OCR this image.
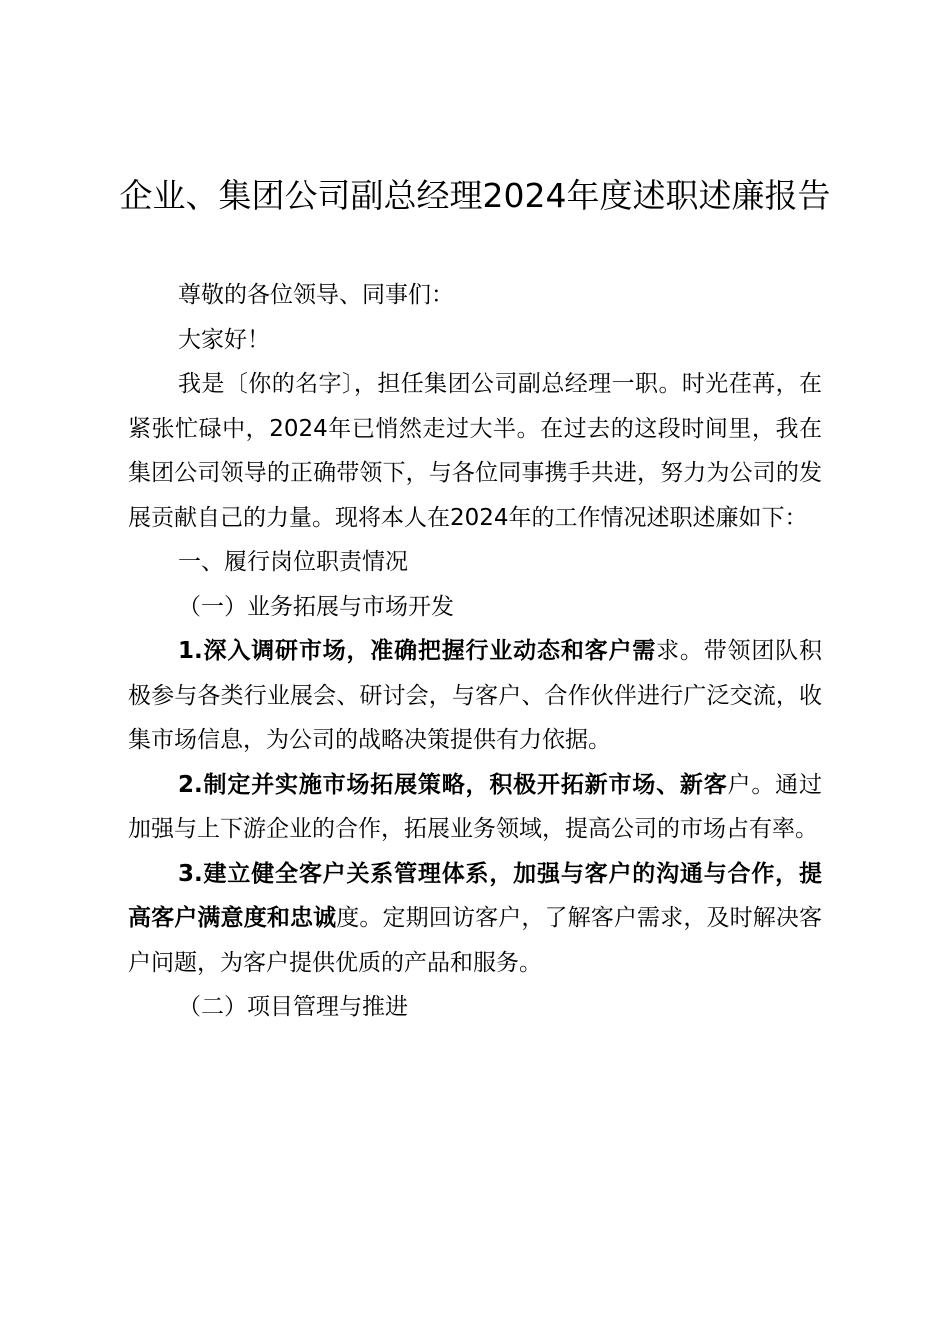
企业、集团公司副总经理2024年度述职述廉报告

尊敬的各位领导、同事们：

大家好！

我是〔你的名字〕，担任集团公司副总经理一职。时光荏苒，在紧张忙碌中，2024年已悄然走过大半。在过去的这段时间里，我在集团公司领导的正确带领下，与各位同事携手共进，努力为公司的发展贡献自己的力量。现将本人在2024年的工作情况述职述廉如下：

一、履行岗位职责情况

（一）业务拓展与市场开发

1.深入调研市场，准确把握行业动态和客户需求。带领团队积极参与各类行业展会、研讨会，与客户、合作伙伴进行广泛交流，收集市场信息，为公司的战略决策提供有力依据。

2.制定并实施市场拓展策略，积极开拓新市场、新客户。通过加强与上下游企业的合作，拓展业务领域，提高公司的市场占有率。

3.建立健全客户关系管理体系，加强与客户的沟通与合作，提高客户满意度和忠诚度。定期回访客户，了解客户需求，及时解决客户问题，为客户提供优质的产品和服务。

（二）项目管理与推进
